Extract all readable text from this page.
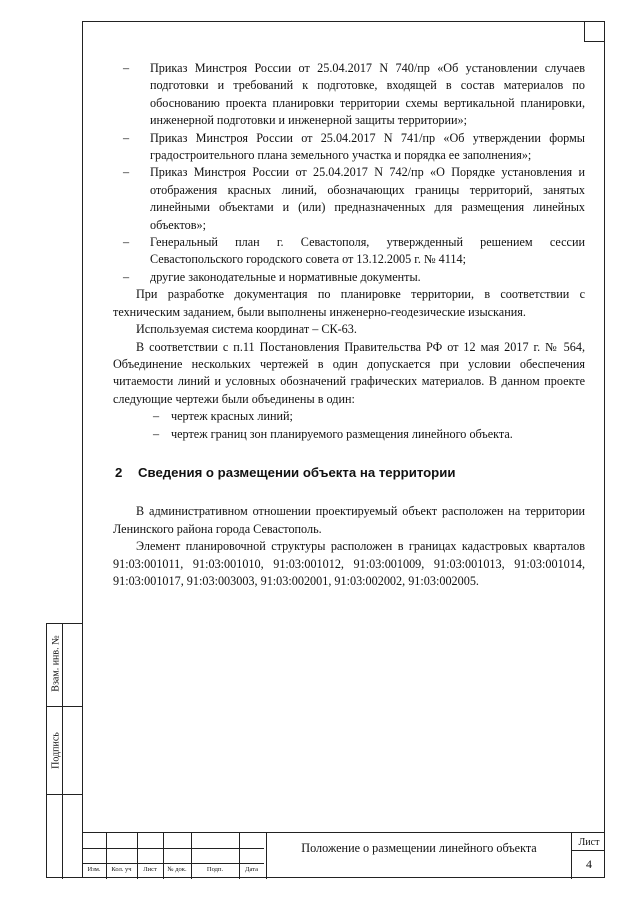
Взам. инв. №
Подпись
– Приказ Минстроя России от 25.04.2017 N 740/пр «Об установлении случаев подготовки и требований к подготовке, входящей в состав материалов по обоснованию проекта планировки территории схемы вертикальной планировки, инженерной подготовки и инженерной защиты территории»;
– Приказ Минстроя России от 25.04.2017 N 741/пр «Об утверждении формы градостроительного плана земельного участка и порядка ее заполнения»;
– Приказ Минстроя России от 25.04.2017 N 742/пр «О Порядке установления и отображения красных линий, обозначающих границы территорий, занятых линейными объектами и (или) предназначенных для размещения линейных объектов»;
– Генеральный план г. Севастополя, утвержденный решением сессии Севастопольского городского совета от 13.12.2005 г. № 4114;
– другие законодательные и нормативные документы.

При разработке документация по планировке территории, в соответствии с техническим заданием, были выполнены инженерно-геодезические изыскания.

Используемая система координат – СК-63.

В соответствии с п.11 Постановления Правительства РФ от 12 мая 2017 г. № 564, Объединение нескольких чертежей в один допускается при условии обеспечения читаемости линий и условных обозначений графических материалов. В данном проекте следующие чертежи были объединены в один:

– чертеж красных линий;
– чертеж границ зон планируемого размещения линейного объекта.
2 Сведения о размещении объекта на территории

В административном отношении проектируемый объект расположен на территории Ленинского района города Севастополь.

Элемент планировочной структуры расположен в границах кадастровых кварталов 91:03:001011, 91:03:001010, 91:03:001012, 91:03:001009, 91:03:001013, 91:03:001014, 91:03:001017, 91:03:003003, 91:03:002001, 91:03:002002, 91:03:002005.

Изм.	Кол. уч	Лист	№ док.	Подп.	Дата
Положение о размещении линейного объекта	Лист
4
